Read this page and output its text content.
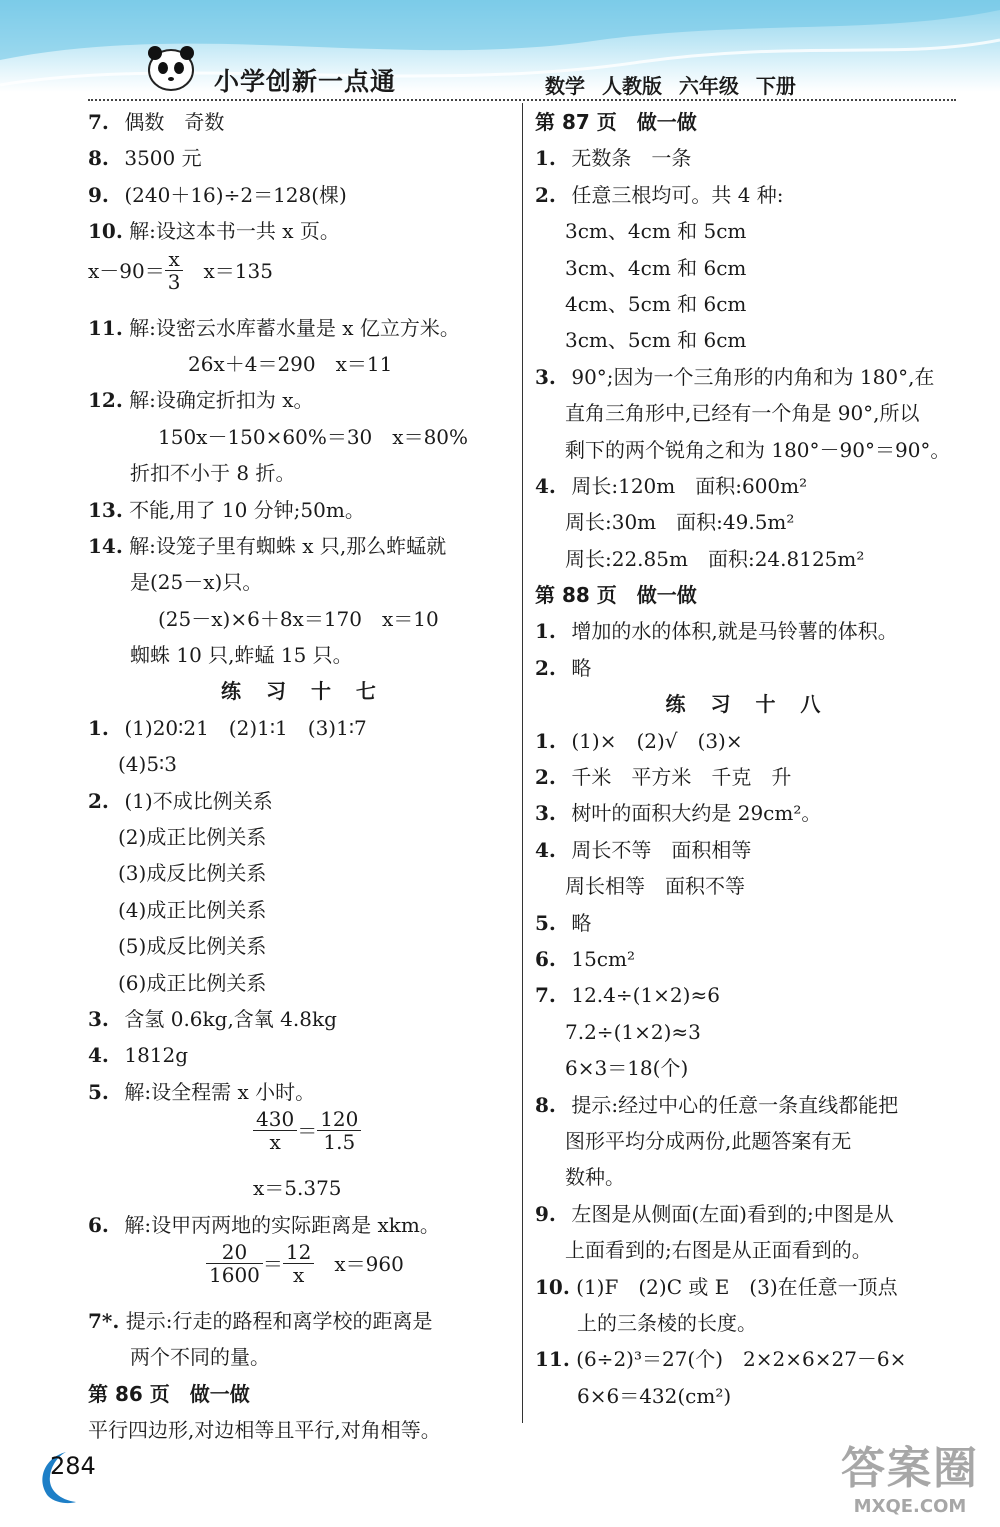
小学创新一点通	数学 人教版 六年级 下册
7. 偶数　奇数
8. 3500 元
9. (240＋16)÷2＝128(棵)
10. 解:设这本书一共 x 页。
$x-90= \frac{x}{3}$ 　x＝135
11. 解:设密云水库蓄水量是 x 亿立方米。
26x＋4＝290　x＝11
12. 解:设确定折扣为 x。
150x－150×60%＝30　x＝80%
折扣不小于 8 折。
13. 不能,用了 10 分钟;50m。
14. 解:设笼子里有蜘蛛 x 只,那么蚱蜢就
是(25－x)只。
(25－x)×6＋8x＝170　x＝10
蜘蛛 10 只,蚱蜢 15 只。
练 习 十 七
1. (1)20∶21　(2)1∶1　(3)1∶7
(4)5∶3
2. (1)不成比例关系
(2)成正比例关系
(3)成反比例关系
(4)成正比例关系
(5)成反比例关系
(6)成正比例关系
3. 含氢 0.6kg,含氧 4.8kg
4. 1812g
5. 解:设全程需 x 小时。
$\frac{430}{x} = \frac{120}{1.5}$
x＝5.375
6. 解:设甲丙两地的实际距离是 xkm。
$\frac{20}{1600} = \frac{12}{x}$ 　x＝960
7*. 提示:行走的路程和离学校的距离是
两个不同的量。
第 86 页　做一做
平行四边形,对边相等且平行,对角相等。
第 87 页　做一做
1. 无数条　一条
2. 任意三根均可。共 4 种:
3cm、4cm 和 5cm
3cm、4cm 和 6cm
4cm、5cm 和 6cm
3cm、5cm 和 6cm
3. 90°;因为一个三角形的内角和为 180°,在
直角三角形中,已经有一个角是 90°,所以
剩下的两个锐角之和为 180°－90°＝90°。
4. 周长:120m　面积:600m²
周长:30m　面积:49.5m²
周长:22.85m　面积:24.8125m²
第 88 页　做一做
1. 增加的水的体积,就是马铃薯的体积。
2. 略
练 习 十 八
1. (1)×　(2)√　(3)×
2. 千米　平方米　千克　升
3. 树叶的面积大约是 29cm²。
4. 周长不等　面积相等
周长相等　面积不等
5. 略
6. 15cm²
7. 12.4÷(1×2)≈6
7.2÷(1×2)≈3
6×3＝18(个)
8. 提示:经过中心的任意一条直线都能把
图形平均分成两份,此题答案有无
数种。
9. 左图是从侧面(左面)看到的;中图是从
上面看到的;右图是从正面看到的。
10. (1)F　(2)C 或 E　(3)在任意一顶点
上的三条棱的长度。
11. (6÷2)³＝27(个)　2×2×6×27－6×
6×6＝432(cm²)
284	答案圈
MXQE.COM
